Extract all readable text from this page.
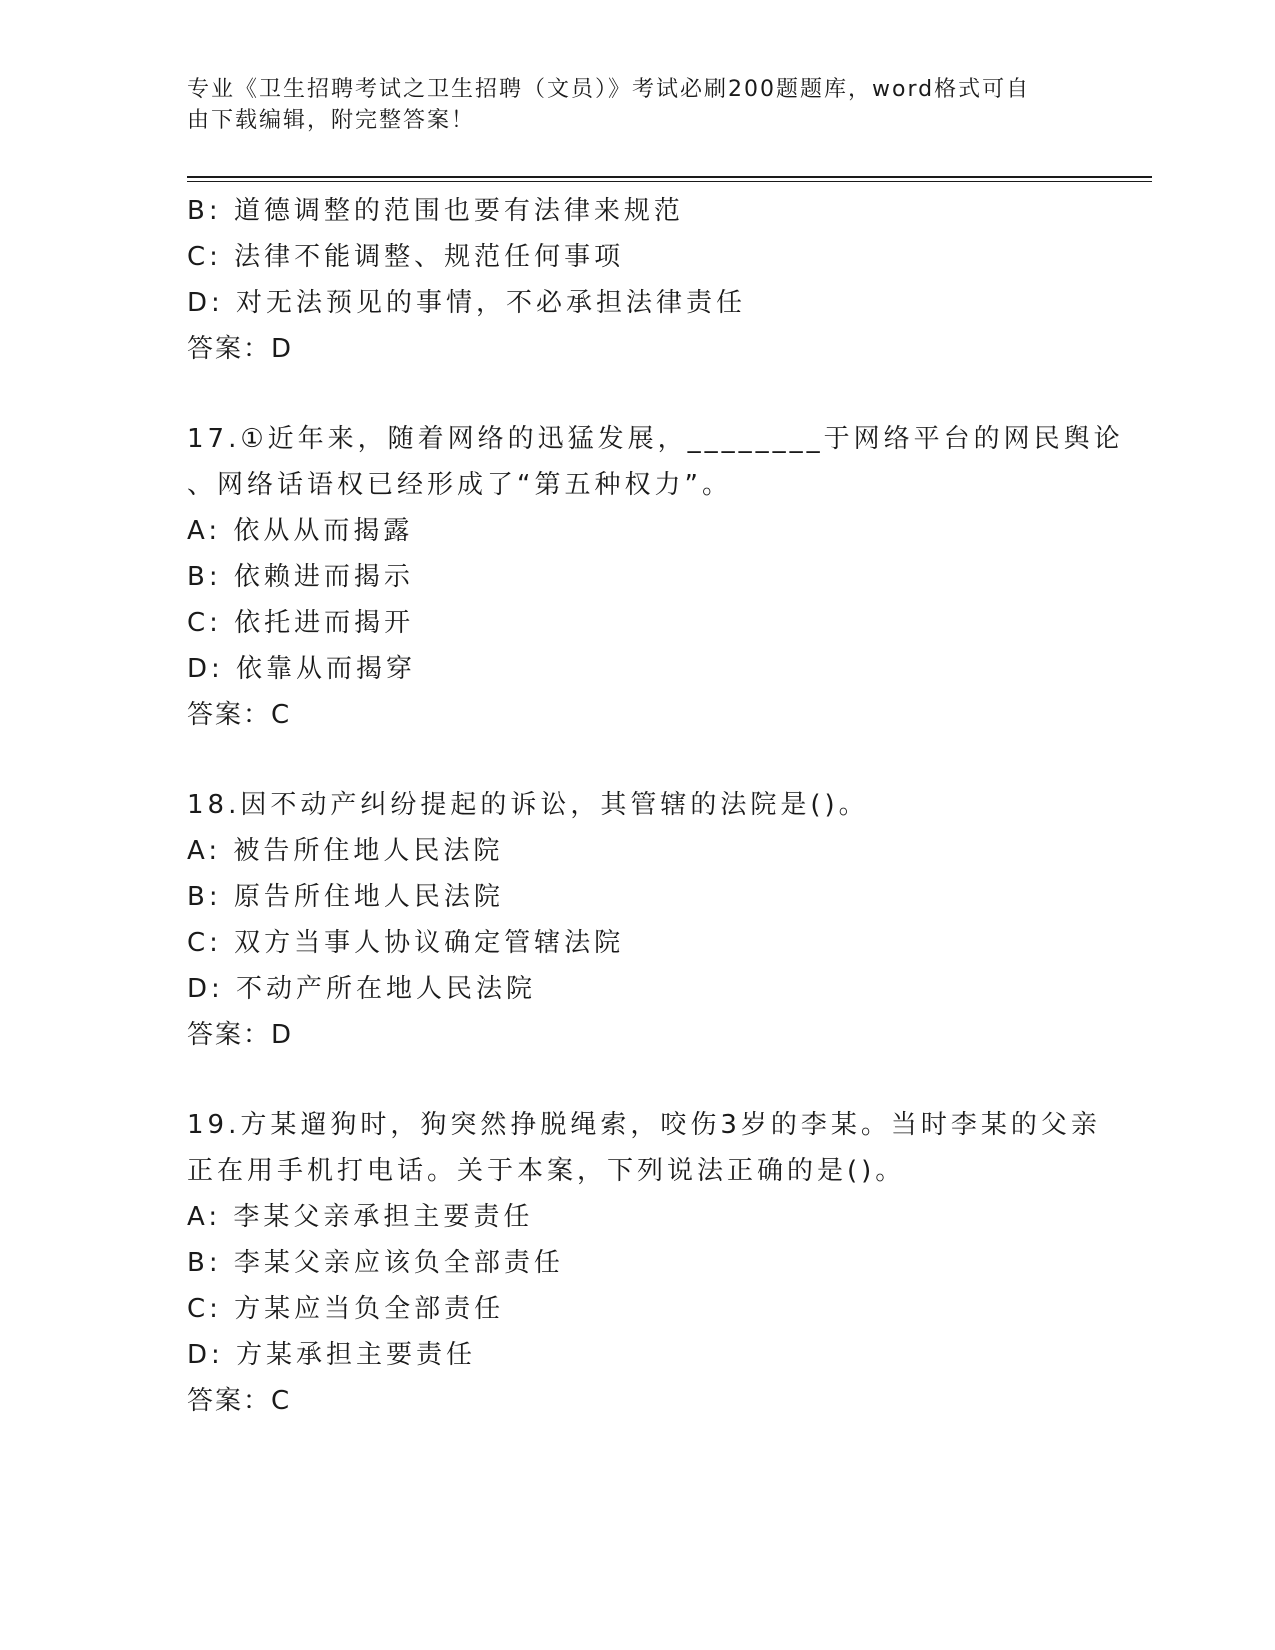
专业《卫生招聘考试之卫生招聘（文员）》考试必刷200题题库，word格式可自
由下载编辑，附完整答案！
B: 道德调整的范围也要有法律来规范
C: 法律不能调整、规范任何事项
D: 对无法预见的事情，不必承担法律责任
答案：D
17.①近年来，随着网络的迅猛发展，________于网络平台的网民舆论
、网络话语权已经形成了“第五种权力”。
A: 依从从而揭露
B: 依赖进而揭示
C: 依托进而揭开
D: 依靠从而揭穿
答案：C
18.因不动产纠纷提起的诉讼，其管辖的法院是()。
A: 被告所住地人民法院
B: 原告所住地人民法院
C: 双方当事人协议确定管辖法院
D: 不动产所在地人民法院
答案：D
19.方某遛狗时，狗突然挣脱绳索，咬伤3岁的李某。当时李某的父亲
正在用手机打电话。关于本案，下列说法正确的是()。
A: 李某父亲承担主要责任
B: 李某父亲应该负全部责任
C: 方某应当负全部责任
D: 方某承担主要责任
答案：C
